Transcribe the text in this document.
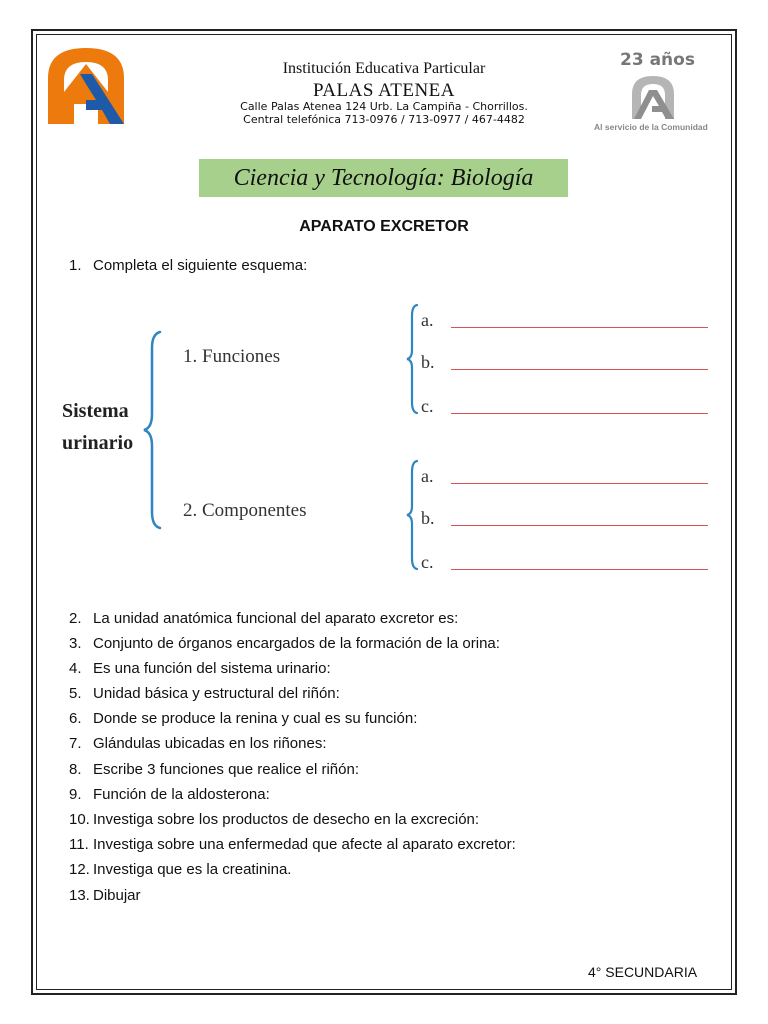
Institución Educativa Particular
PALAS ATENEA
Calle Palas Atenea 124 Urb. La Campiña - Chorrillos.
Central telefónica 713-0976 / 713-0977 / 467-4482
23 años
Al servicio de la Comunidad
Ciencia y Tecnología: Biología
APARATO EXCRETOR
1. Completa el siguiente esquema:
Sistema
urinario
1. Funciones
2. Componentes
a.
b.
c.
a.
b.
c.
2. La unidad anatómica funcional del aparato excretor es:
3. Conjunto de órganos encargados de la formación de la orina:
4. Es una función del sistema urinario:
5. Unidad básica y estructural del riñón:
6. Donde se produce la renina y cual es su función:
7. Glándulas ubicadas en los riñones:
8. Escribe 3 funciones que realice el riñón:
9. Función de la aldosterona:
10. Investiga sobre los productos de desecho en la excreción:
11. Investiga sobre una enfermedad que afecte al aparato excretor:
12. Investiga que es la creatinina.
13. Dibujar
4° SECUNDARIA
